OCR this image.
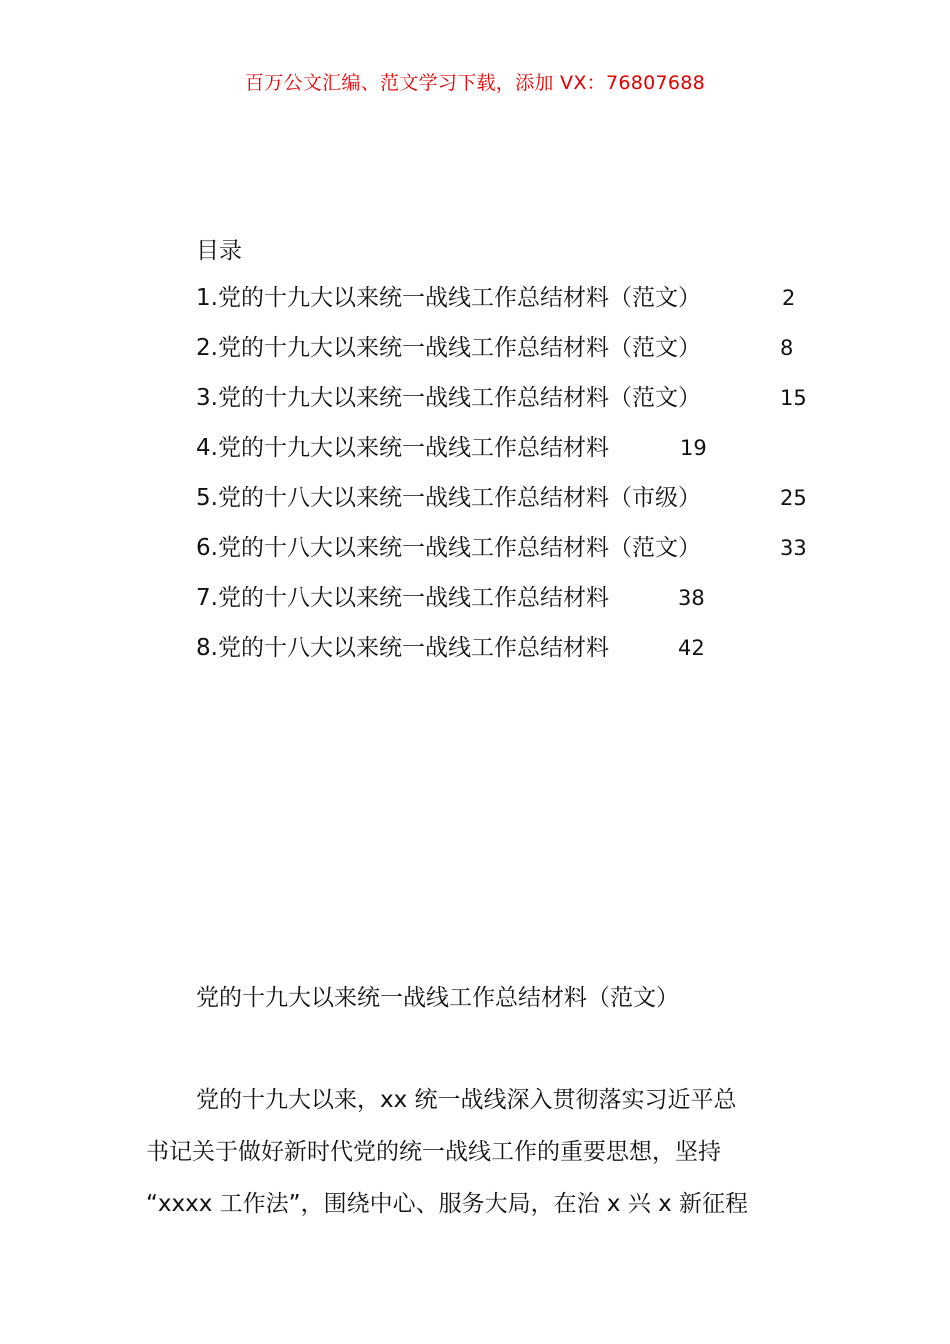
百万公文汇编、范文学习下载，添加 VX：76807688
目录
1.党的十九大以来统一战线工作总结材料（范文）	2
2.党的十九大以来统一战线工作总结材料（范文）	8
3.党的十九大以来统一战线工作总结材料（范文）	15
4.党的十九大以来统一战线工作总结材料	19
5.党的十八大以来统一战线工作总结材料（市级）	25
6.党的十八大以来统一战线工作总结材料（范文）	33
7.党的十八大以来统一战线工作总结材料	38
8.党的十八大以来统一战线工作总结材料	42
党的十九大以来统一战线工作总结材料（范文）
党的十九大以来，xx 统一战线深入贯彻落实习近平总
书记关于做好新时代党的统一战线工作的重要思想，坚持
“xxxx 工作法”，围绕中心、服务大局，在治 x 兴 x 新征程
